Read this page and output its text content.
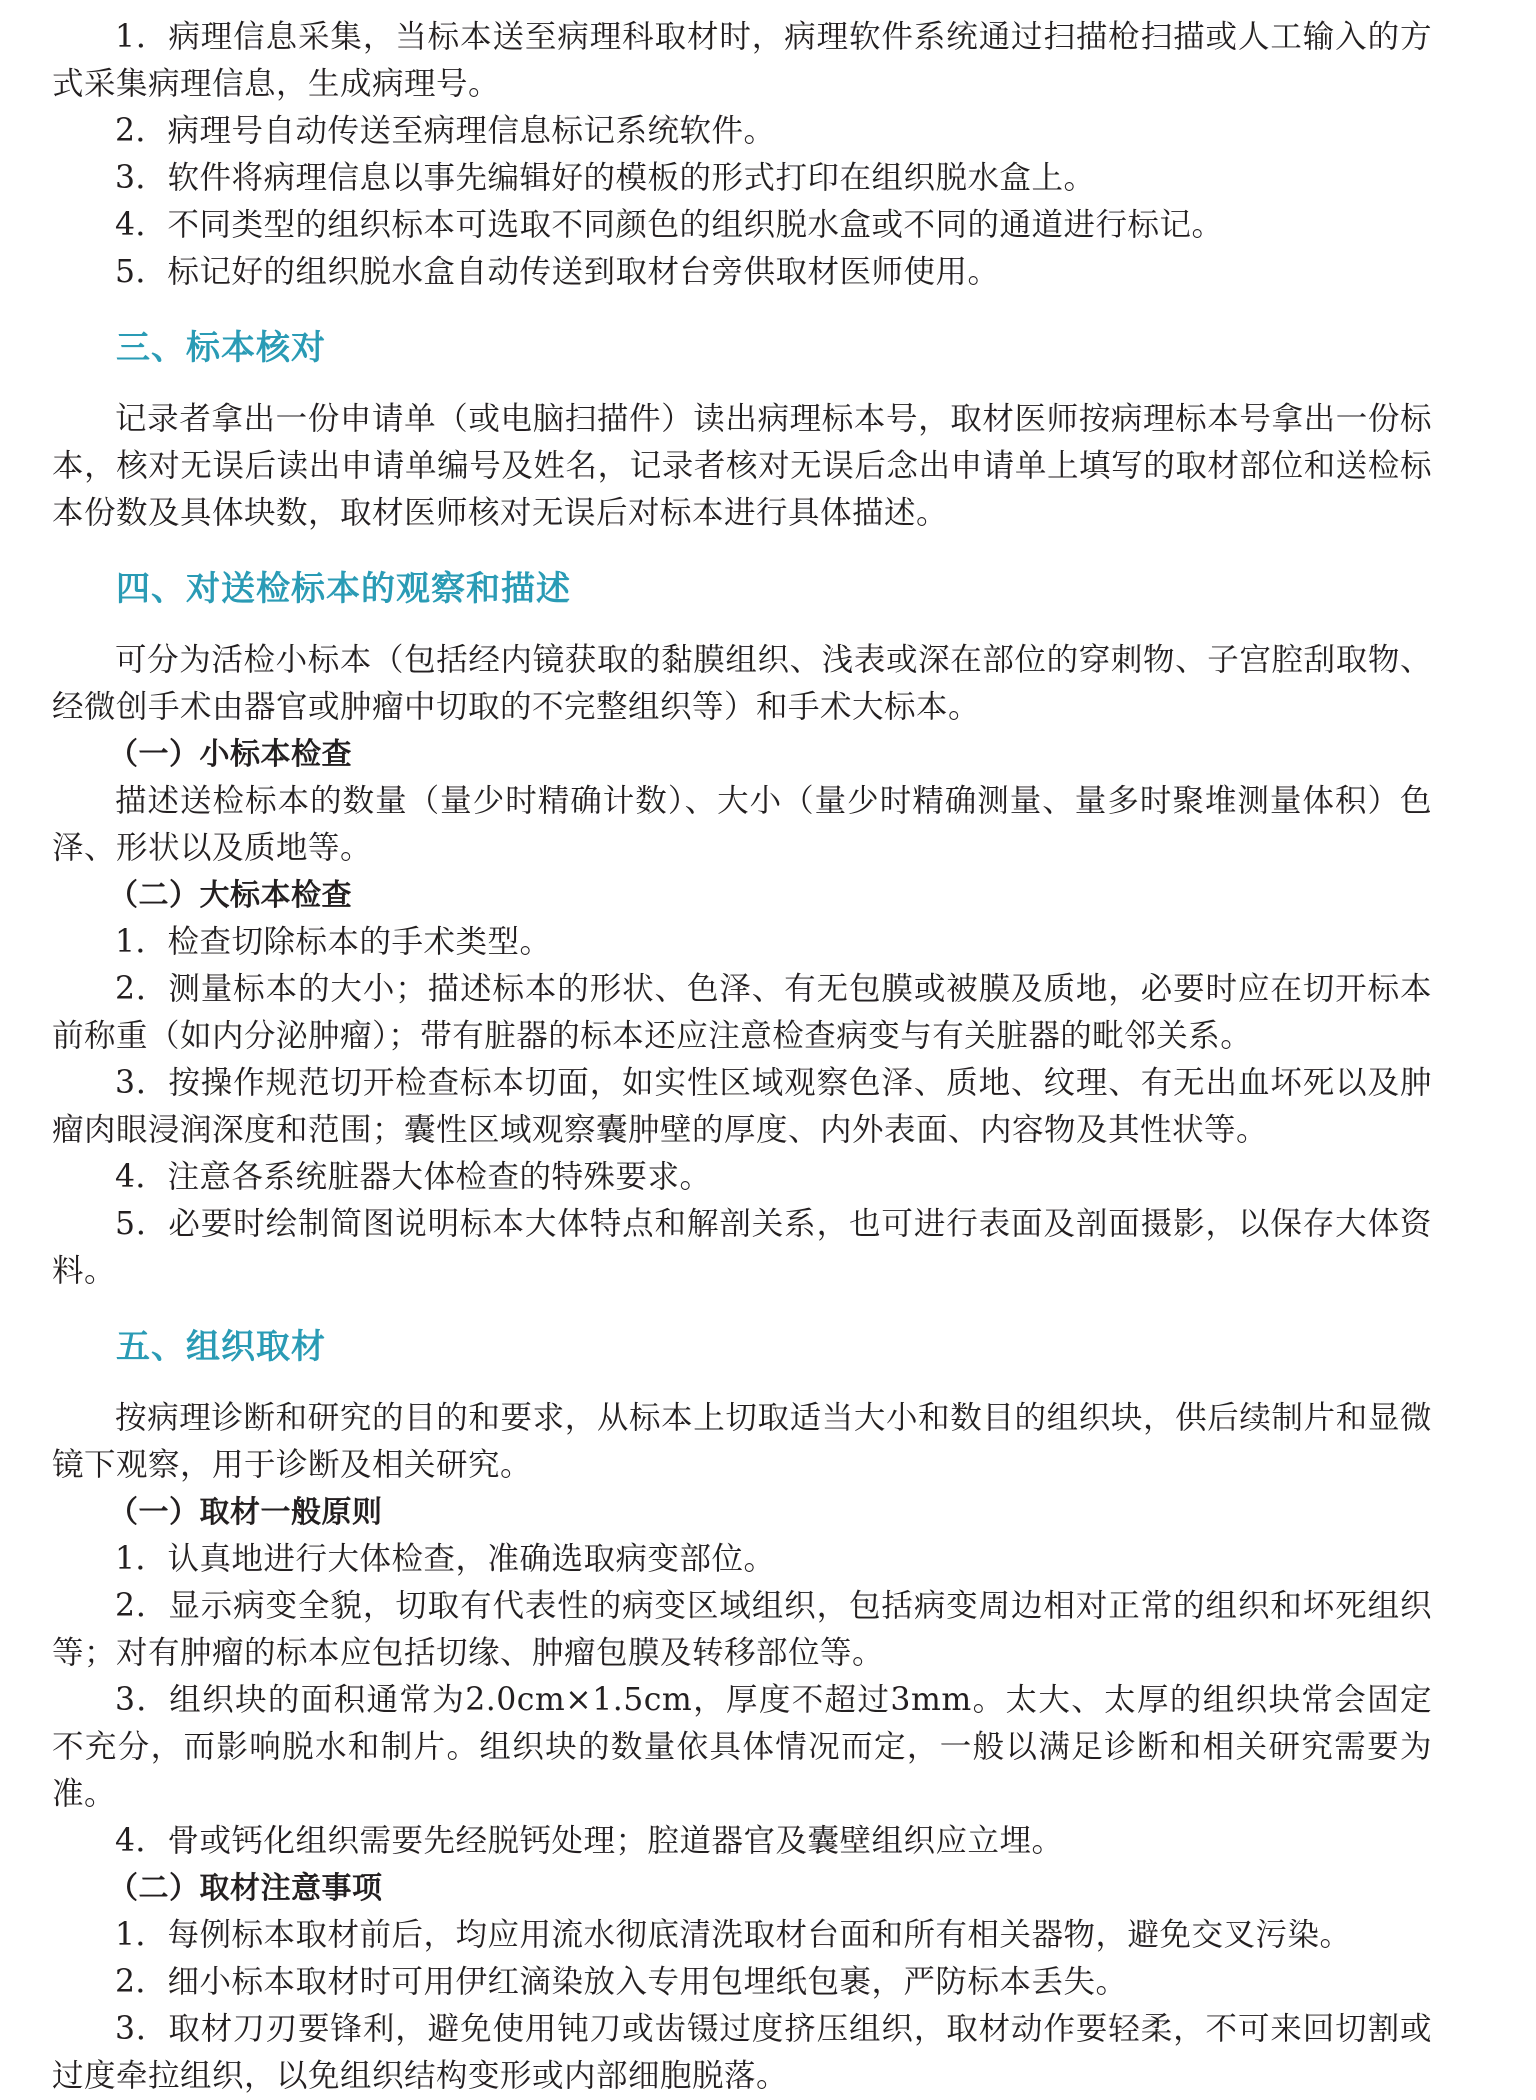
1．病理信息采集，当标本送至病理科取材时，病理软件系统通过扫描枪扫描或人工输入的方式采集病理信息，生成病理号。

2．病理号自动传送至病理信息标记系统软件。

3．软件将病理信息以事先编辑好的模板的形式打印在组织脱水盒上。

4．不同类型的组织标本可选取不同颜色的组织脱水盒或不同的通道进行标记。

5．标记好的组织脱水盒自动传送到取材台旁供取材医师使用。

三、标本核对

记录者拿出一份申请单（或电脑扫描件）读出病理标本号，取材医师按病理标本号拿出一份标本，核对无误后读出申请单编号及姓名，记录者核对无误后念出申请单上填写的取材部位和送检标本份数及具体块数，取材医师核对无误后对标本进行具体描述。

四、对送检标本的观察和描述

可分为活检小标本（包括经内镜获取的黏膜组织、浅表或深在部位的穿刺物、子宫腔刮取物、经微创手术由器官或肿瘤中切取的不完整组织等）和手术大标本。

（一）小标本检查

描述送检标本的数量（量少时精确计数）、大小（量少时精确测量、量多时聚堆测量体积）色泽、形状以及质地等。

（二）大标本检查

1．检查切除标本的手术类型。

2．测量标本的大小；描述标本的形状、色泽、有无包膜或被膜及质地，必要时应在切开标本前称重（如内分泌肿瘤）；带有脏器的标本还应注意检查病变与有关脏器的毗邻关系。

3．按操作规范切开检查标本切面，如实性区域观察色泽、质地、纹理、有无出血坏死以及肿瘤肉眼浸润深度和范围；囊性区域观察囊肿壁的厚度、内外表面、内容物及其性状等。

4．注意各系统脏器大体检查的特殊要求。

5．必要时绘制简图说明标本大体特点和解剖关系，也可进行表面及剖面摄影，以保存大体资料。

五、组织取材

按病理诊断和研究的目的和要求，从标本上切取适当大小和数目的组织块，供后续制片和显微镜下观察，用于诊断及相关研究。

（一）取材一般原则

1．认真地进行大体检查，准确选取病变部位。

2．显示病变全貌，切取有代表性的病变区域组织，包括病变周边相对正常的组织和坏死组织等；对有肿瘤的标本应包括切缘、肿瘤包膜及转移部位等。

3．组织块的面积通常为2.0cm×1.5cm，厚度不超过3mm。太大、太厚的组织块常会固定不充分，而影响脱水和制片。组织块的数量依具体情况而定，一般以满足诊断和相关研究需要为准。

4．骨或钙化组织需要先经脱钙处理；腔道器官及囊壁组织应立埋。

（二）取材注意事项

1．每例标本取材前后，均应用流水彻底清洗取材台面和所有相关器物，避免交叉污染。

2．细小标本取材时可用伊红滴染放入专用包埋纸包裹，严防标本丢失。

3．取材刀刃要锋利，避免使用钝刀或齿镊过度挤压组织，取材动作要轻柔，不可来回切割或过度牵拉组织，以免组织结构变形或内部细胞脱落。
